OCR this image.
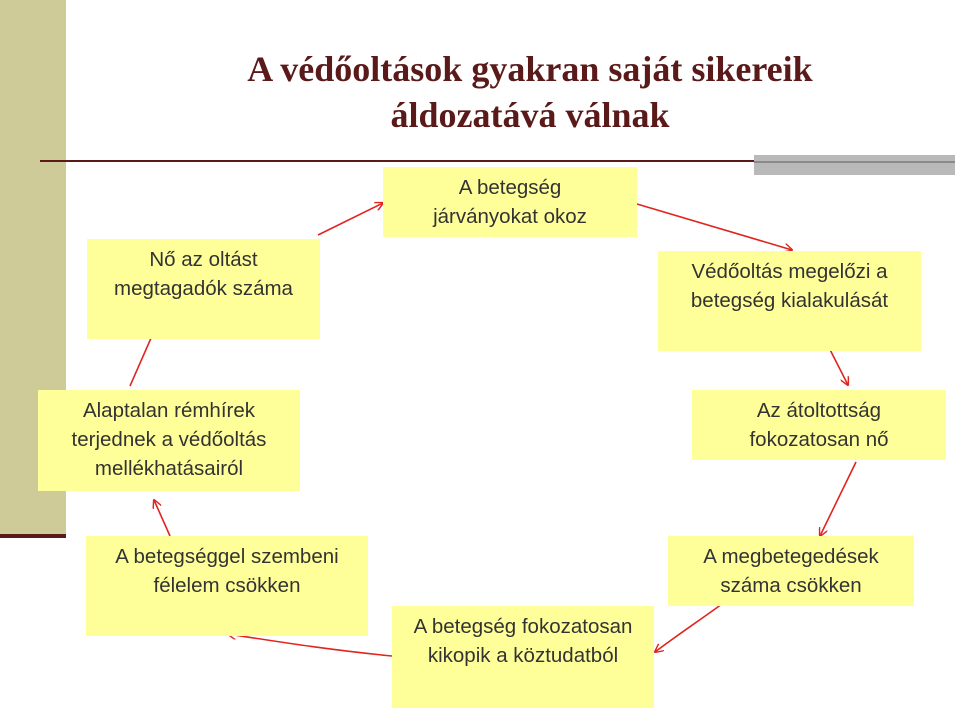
A védőoltások gyakran saját sikereik
áldozatává válnak
A betegség
járványokat okoz
Védőoltás megelőzi a
betegség kialakulását
Az átoltottság
fokozatosan nő
A megbetegedések
száma csökken
A betegség fokozatosan
kikopik a köztudatból
A betegséggel szembeni
félelem csökken
Alaptalan rémhírek
terjednek a védőoltás
mellékhatásairól
Nő az oltást
megtagadók száma
